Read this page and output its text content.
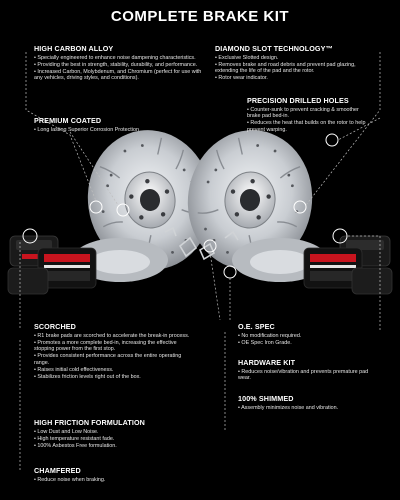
COMPLETE BRAKE KIT
HIGH CARBON ALLOY
• Specially engineered to enhance noise dampening characteristics.
• Providing the best in strength, stability, durability, and performance.
• Increased Carbon, Molybdenum, and Chromium (perfect for use with any vehicles, driving styles, and conditions).
PREMIUM COATED
• Long lasting Superior Corrosion Protection
DIAMOND SLOT TECHNOLOGY™
• Exclusive Slotted design.
• Removes brake and road debris and prevent pad glazing, extending the life of the pad and the rotor.
• Rotor wear indicator.
PRECISION DRILLED HOLES
• Counter-sunk to prevent cracking & smoother brake pad bed-in.
• Reduces the heat that builds on the rotor to help prevent warping.
SCORCHED
• R1 brake pads are scorched to accelerate the break-in process.
• Promotes a more complete bed-in, increasing the effective stopping power from the first stop.
• Provides consistent performance across the entire operating range.
• Raises initial cold effectiveness.
• Stabilizes friction levels right out of the box.
HIGH FRICTION FORMULATION
• Low Dust and Low Noise.
• High temperature resistant fade.
• 100% Asbestos Free formulation.
CHAMFERED
• Reduce noise when braking.
O.E. SPEC
• No modification required.
• OE Spec Iron Grade.
HARDWARE KIT
• Reduces noise/vibration and prevents premature pad wear.
100% SHIMMED
• Assembly minimizes noise and vibration.
